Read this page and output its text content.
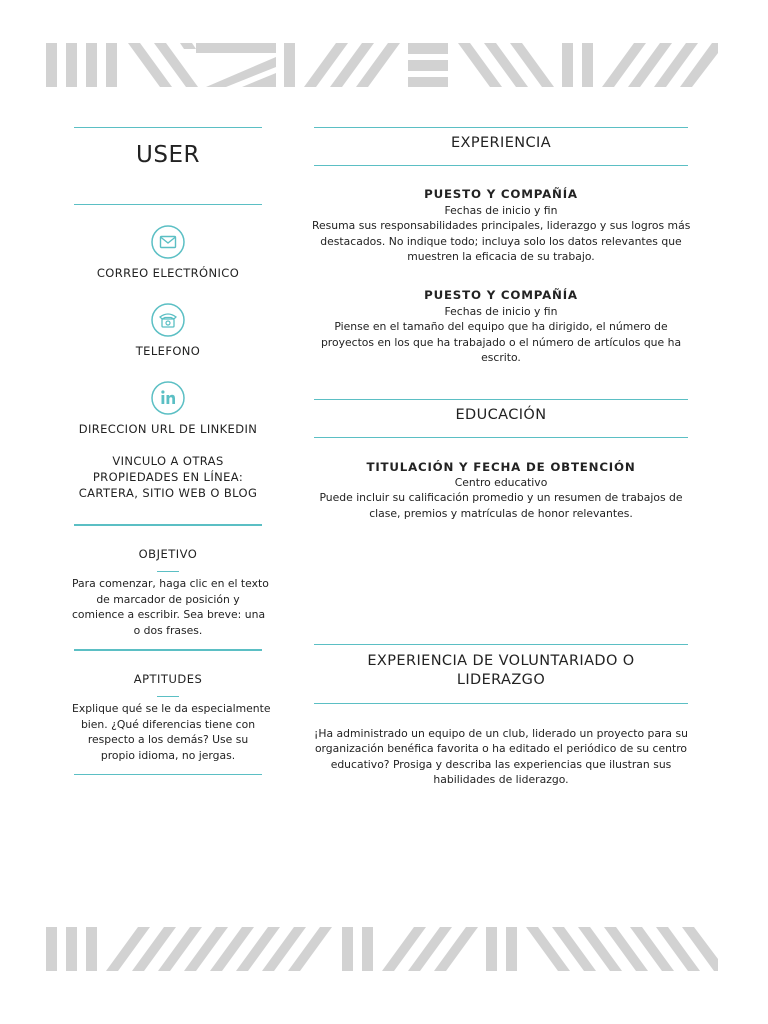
USER
CORREO ELECTRÓNICO
TELEFONO
DIRECCION URL DE LINKEDIN
VINCULO A OTRAS
PROPIEDADES EN LÍNEA:
CARTERA, SITIO WEB O BLOG
OBJETIVO
Para comenzar, haga clic en el texto
de marcador de posición y
comience a escribir. Sea breve: una
o dos frases.
APTITUDES
Explique qué se le da especialmente
bien. ¿Qué diferencias tiene con
respecto a los demás? Use su
propio idioma, no jergas.
EXPERIENCIA
PUESTO Y COMPAÑÍA
Fechas de inicio y fin
Resuma sus responsabilidades principales, liderazgo y sus logros más
destacados. No indique todo; incluya solo los datos relevantes que
muestren la eficacia de su trabajo.
PUESTO Y COMPAÑÍA
Fechas de inicio y fin
Piense en el tamaño del equipo que ha dirigido, el número de
proyectos en los que ha trabajado o el número de artículos que ha
escrito.
EDUCACIÓN
TITULACIÓN Y FECHA DE OBTENCIÓN
Centro educativo
Puede incluir su calificación promedio y un resumen de trabajos de
clase, premios y matrículas de honor relevantes.
EXPERIENCIA DE VOLUNTARIADO O
LIDERAZGO
¡Ha administrado un equipo de un club, liderado un proyecto para su
organización benéfica favorita o ha editado el periódico de su centro
educativo? Prosiga y describa las experiencias que ilustran sus
habilidades de liderazgo.
